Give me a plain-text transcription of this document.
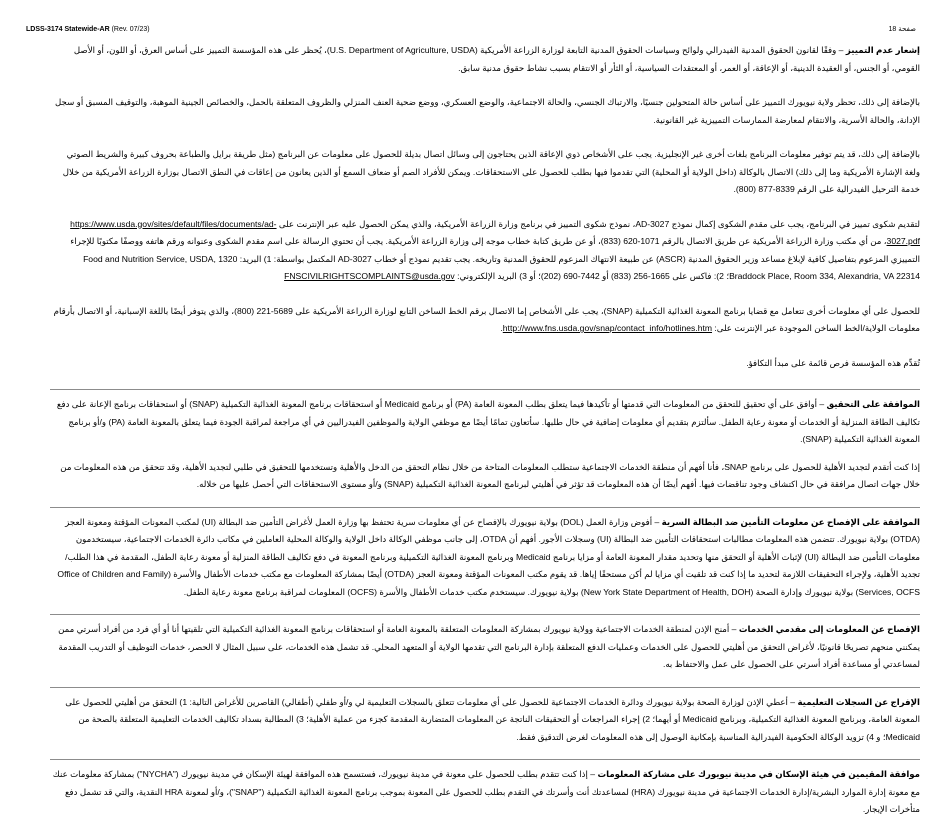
LDSS-3174 Statewide-AR (Rev. 07/23)	صفحة 18

إشعار عدم التمييز – وفقًا لقانون الحقوق المدنية الفيدرالي ولوائح وسياسات الحقوق المدنية التابعة لوزارة الزراعة الأمريكية (U.S. Department of Agriculture, USDA)، يُحظر على هذه المؤسسة التمييز على أساس العرق، أو اللون، أو الأصل القومي، أو الجنس، أو العقيدة الدينية، أو الإعاقة، أو العمر، أو المعتقدات السياسية، أو الثأر أو الانتقام بسبب نشاط حقوق مدنية سابق.

بالإضافة إلى ذلك، تحظر ولاية نيويورك التمييز على أساس حالة المتحولين جنسيًا، والارتباك الجنسي، والحالة الاجتماعية، والوضع العسكري، ووضع ضحية العنف المنزلي والظروف المتعلقة بالحمل، والخصائص الجينية الموهبة، والتوقيف المسبق أو سجل الإدانة، والحالة الأسرية، والانتقام لمعارضة الممارسات التمييزية غير القانونية.

بالإضافة إلى ذلك، قد يتم توفير معلومات البرنامج بلغات أخرى غير الإنجليزية. يجب على الأشخاص ذوي الإعاقة الذين يحتاجون إلى وسائل اتصال بديلة للحصول على معلومات عن البرنامج (مثل طريقة برايل والطباعة بحروف كبيرة والشريط الصوتي ولغة الإشارة الأمريكية وما إلى ذلك) الاتصال بالوكالة (داخل الولاية أو المحلية) التي تقدموا فيها بطلب للحصول على الاستحقاقات. ويمكن للأفراد الصم أو ضعاف السمع أو الذين يعانون من إعاقات في النطق الاتصال بوزارة الزراعة الأمريكية من خلال خدمة الترحيل الفيدرالية على الرقم 8339-877 (800).

لتقديم شكوى تمييز في البرنامج، يجب على مقدم الشكوى إكمال نموذج AD-3027، نموذج شكوى التمييز في برنامج وزارة الزراعة الأمريكية، والذي يمكن الحصول عليه عبر الإنترنت على https://www.usda.gov/sites/default/files/documents/ad-3027.pdf، من أي مكتب وزارة الزراعة الأمريكية عن طريق الاتصال بالرقم 1071-620 (833)، أو عن طريق كتابة خطاب موجه إلى وزارة الزراعة الأمريكية. يجب أن تحتوي الرسالة على اسم مقدم الشكوى وعنوانه ورقم هاتفه ووصفًا مكتوبًا للإجراء التمييزي المزعوم بتفاصيل كافية لإبلاغ مساعد وزير الحقوق المدنية (ASCR) عن طبيعة الانتهاك المزعوم للحقوق المدنية وتاريخه. يجب تقديم نموذج أو خطاب AD-3027 المكتمل بواسطة: 1) البريد: Food and Nutrition Service, USDA, 1320 Braddock Place, Room 334, Alexandria, VA 22314؛ 2): فاكس على 1665-256 (833) أو 7442-690 (202)؛ أو 3) البريد الإلكتروني: FNSCIVILRIGHTSCOMPLAINTS@usda.gov

للحصول على أي معلومات أخرى تتعامل مع قضايا برنامج المعونة الغذائية التكميلية (SNAP)، يجب على الأشخاص إما الاتصال برقم الخط الساخن التابع لوزارة الزراعة الأمريكية على 5689-221 (800)، والذي يتوفر أيضًا باللغة الإسبانية، أو الاتصال بأرقام معلومات الولاية/الخط الساخن الموجودة عبر الإنترنت على: http://www.fns.usda.gov/snap/contact_info/hotlines.htm.

تُقدِّم هذه المؤسسة فرص قائمة على مبدأ التكافؤ.

الموافقة على التحقيق – أوافق على أي تحقيق للتحقق من المعلومات التي قدمتها أو تأكيدها فيما يتعلق بطلب المعونة العامة (PA) أو برنامج Medicaid أو استحقاقات برنامج المعونة الغذائية التكميلية (SNAP) أو استحقاقات برنامج الإعانة على دفع تكاليف الطاقة المنزلية أو الخدمات أو معونة رعاية الطفل. سألتزم بتقديم أي معلومات إضافية في حال طلبها. سأتعاون تمامًا أيضًا مع موظفي الولاية والموظفين الفيدراليين في أي مراجعة لمراقبة الجودة فيما يتعلق بالمعونة العامة (PA) و/أو برنامج المعونة الغذائية التكميلية (SNAP).

إذا كنت أتقدم لتجديد الأهلية للحصول على برنامج SNAP، فأنا أفهم أن منطقة الخدمات الاجتماعية ستطلب المعلومات المتاحة من خلال نظام التحقق من الدخل والأهلية وتستخدمها للتحقيق في طلبي لتجديد الأهلية، وقد تتحقق من هذه المعلومات من خلال جهات اتصال مرافقة في حال اكتشاف وجود تناقضات فيها. أفهم أيضًا أن هذه المعلومات قد تؤثر في أهليتي لبرنامج المعونة الغذائية التكميلية (SNAP) و/أو مستوى الاستحقاقات التي أحصل عليها من خلاله.

الموافقة على الإفصاح عن معلومات التأمين ضد البطالة السرية – أفوض وزارة العمل (DOL) بولاية نيويورك بالإفصاح عن أي معلومات سرية تحتفظ بها وزارة العمل لأغراض التأمين ضد البطالة (UI) لمكتب المعونات المؤقتة ومعونة العجز (OTDA) بولاية نيويورك. تتضمن هذه المعلومات مطالبات استحقاقات التأمين ضد البطالة (UI) وسجلات الأجور. أفهم أن OTDA، إلى جانب موظفي الوكالة داخل الولاية والوكالة المحلية العاملين في مكاتب دائرة الخدمات الاجتماعية، سيستخدمون معلومات التأمين ضد البطالة (UI) لإثبات الأهلية أو التحقق منها وتحديد مقدار المعونة العامة أو مزايا برنامج Medicaid وبرنامج المعونة الغذائية التكميلية وبرنامج المعونة في دفع تكاليف الطاقة المنزلية أو معونة رعاية الطفل، المقدمة في هذا الطلب/تجديد الأهلية، ولإجراء التحقيقات اللازمة لتحديد ما إذا كنت قد تلقيت أي مزايا لم أكن مستحقًا إياها. قد يقوم مكتب المعونات المؤقتة ومعونة العجز (OTDA) أيضًا بمشاركة المعلومات مع مكتب خدمات الأطفال والأسرة (Office of Children and Family Services, OCFS) بولاية نيويورك وإدارة الصحة (New York State Department of Health, DOH) بولاية نيويورك. سيستخدم مكتب خدمات الأطفال والأسرة (OCFS) المعلومات لمراقبة برنامج معونة رعاية الطفل.

الإفصاح عن المعلومات إلى مقدمي الخدمات – أمنح الإذن لمنطقة الخدمات الاجتماعية وولاية نيويورك بمشاركة المعلومات المتعلقة بالمعونة العامة أو استحقاقات برنامج المعونة الغذائية التكميلية التي تلقيتها أنا أو أي فرد من أفراد أسرتي ممن يمكنني منحهم تصريحًا قانونيًا، لأغراض التحقق من أهليتي للحصول على الخدمات وعمليات الدفع المتعلقة بإدارة البرنامج التي تقدمها الولاية أو المتعهد المحلي. قد تشمل هذه الخدمات، على سبيل المثال لا الحصر، خدمات التوظيف أو التدريب المقدمة لمساعدتي أو مساعدة أفراد أسرتي على الحصول على عمل والاحتفاظ به.

الإفراج عن السجلات التعليمية – أعطي الإذن لوزارة الصحة بولاية نيويورك ودائرة الخدمات الاجتماعية للحصول على أي معلومات تتعلق بالسجلات التعليمية لي و/أو طفلي (أطفالي) القاصرين للأغراض التالية: 1) التحقق من أهليتي للحصول على المعونة العامة، وبرنامج المعونة الغذائية التكميلية، وبرنامج Medicaid أو أيهما؛ 2) إجراء المراجعات أو التحقيقات الناتجة عن المعلومات المتضاربة المقدمة كجزء من عملية الأهلية؛ 3) المطالبة بسداد تكاليف الخدمات التعليمية المتعلقة بالصحة من Medicaid؛ و 4) تزويد الوكالة الحكومية الفيدرالية المناسبة بإمكانية الوصول إلى هذه المعلومات لغرض التدقيق فقط.

موافقة المقيمين في هيئة الإسكان في مدينة نيويورك على مشاركة المعلومات – إذا كنت تتقدم بطلب للحصول على معونة في مدينة نيويورك، فستسمح هذه الموافقة لهيئة الإسكان في مدينة نيويورك ("NYCHA") بمشاركة معلومات عنك مع معونة إدارة الموارد البشرية/إدارة الخدمات الاجتماعية في مدينة نيويورك (HRA) لمساعدتك أنت وأسرتك في التقدم بطلب للحصول على المعونة بموجب برنامج المعونة الغذائية التكميلية ("SNAP")، و/أو لمعونة HRA النقدية، والتي قد تشمل دفع متأخرات الإيجار.
